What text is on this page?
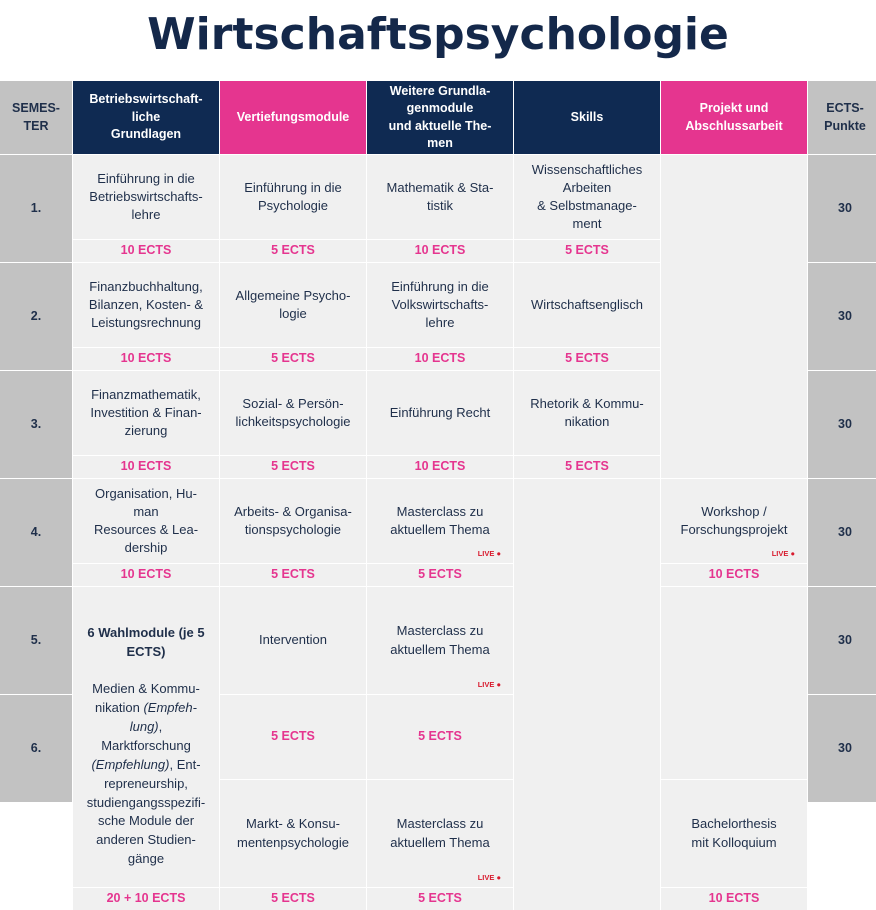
Wirtschaftspsychologie
SEMES-
TER
Betriebswirtschaft-
liche
Grundlagen
Vertiefungsmodule
Weitere Grundla-
genmodule
und aktuelle The-
men
Skills
Projekt und
Abschlussarbeit
ECTS-
Punkte
1.
2.
3.
4.
5.
6.
30
30
30
30
30
30
Einführung in die
Betriebswirtschafts-
lehre
10 ECTS
Einführung in die
Psychologie
5 ECTS
Mathematik & Sta-
tistik
10 ECTS
Wissenschaftliches
Arbeiten
& Selbstmanage-
ment
5 ECTS
Finanzbuchhaltung,
Bilanzen, Kosten- &
Leistungsrechnung
10 ECTS
Allgemeine Psycho-
logie
5 ECTS
Einführung in die
Volkswirtschafts-
lehre
10 ECTS
Wirtschaftsenglisch
5 ECTS
Finanzmathematik,
Investition & Finan-
zierung
10 ECTS
Sozial- & Persön-
lichkeitspsychologie
5 ECTS
Einführung Recht
10 ECTS
Rhetorik & Kommu-
nikation
5 ECTS
Organisation, Hu-
man
Resources & Lea-
dership
10 ECTS
Arbeits- & Organisa-
tionspsychologie
5 ECTS
Masterclass zu
aktuellem Thema
LIVE ●
5 ECTS
Intervention
Masterclass zu
aktuellem Thema
LIVE ●
5 ECTS	5 ECTS
Markt- & Konsu-
mentenpsychologie
5 ECTS
Masterclass zu
aktuellem Thema
LIVE ●
5 ECTS

6 Wahlmodule (je 5
ECTS)

Medien & Kommu-
nikation (Empfeh-
lung),
Marktforschung
(Empfehlung), Ent-
repreneurship,
studiengangsspezifi-
sche Module der
anderen Studien-
gänge

20 + 10 ECTS
Workshop /
Forschungsprojekt
LIVE ●
10 ECTS
Bachelorthesis
mit Kolloquium
10 ECTS
